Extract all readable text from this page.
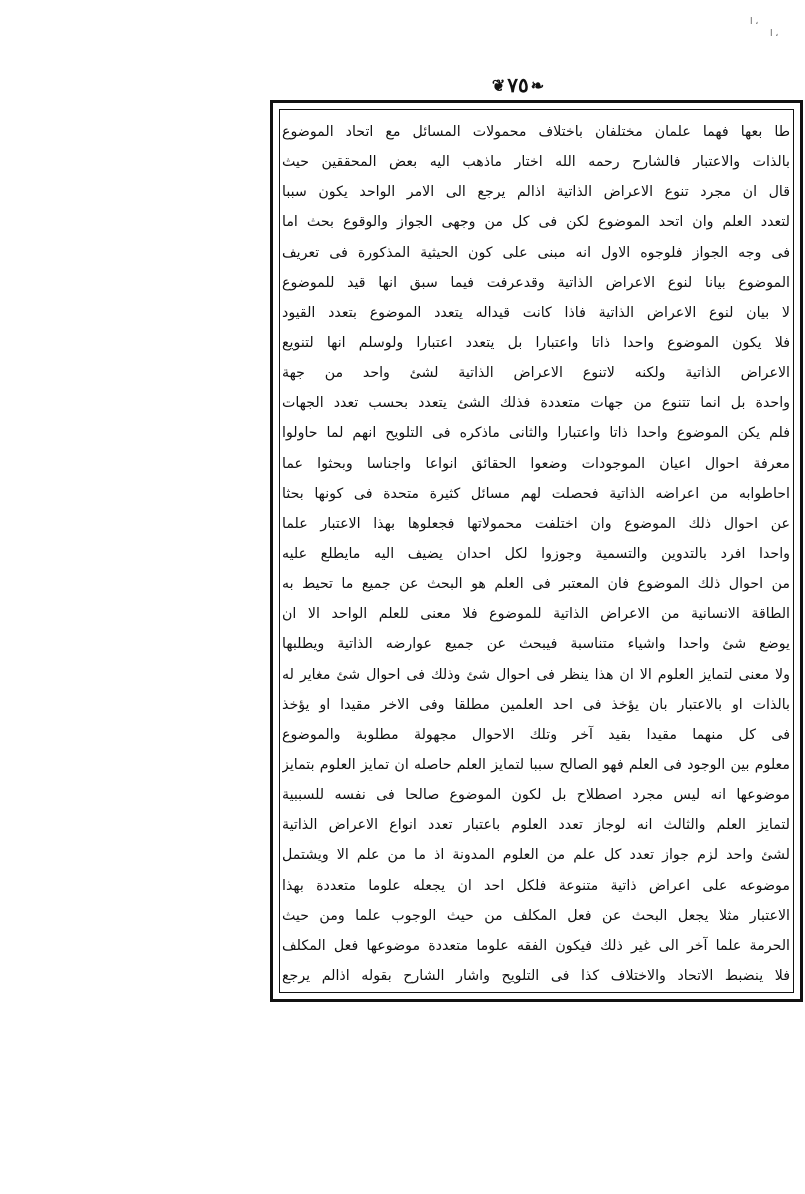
❦ ٧٥ ❧
ا ،
ا ،
طا بعها فهما علمان مختلفان باختلاف محمولات المسائل مع اتحاد الموضوع
بالذات والاعتبار فالشارح رحمه الله اختار ماذهب اليه بعض المحققين حيث
قال ان مجرد تنوع الاعراض الذاتية اذالم يرجع الى الامر الواحد يكون سببا
لتعدد العلم وان اتحد الموضوع لكن فى كل من وجهى الجواز والوقوع بحث اما
فى وجه الجواز فلوجوه الاول انه مبنى على كون الحيثية المذكورة فى تعريف
الموضوع بيانا لنوع الاعراض الذاتية وقدعرفت فيما سبق انها قيد للموضوع
لا بيان لنوع الاعراض الذاتية فاذا كانت قيداله يتعدد الموضوع بتعدد القيود
فلا يكون الموضوع واحدا ذاتا واعتبارا بل يتعدد اعتبارا ولوسلم انها لتنويع
الاعراض الذاتية ولكنه لاتنوع الاعراض الذاتية لشئ واحد من جهة
واحدة بل انما تتنوع من جهات متعددة فذلك الشئ يتعدد بحسب تعدد الجهات
فلم يكن الموضوع واحدا ذاتا واعتبارا والثانى ماذكره فى التلويح انهم لما حاولوا
معرفة احوال اعيان الموجودات وضعوا الحقائق انواعا واجناسا وبحثوا عما
احاطوابه من اعراضه الذاتية فحصلت لهم مسائل كثيرة متحدة فى كونها بحثا
عن احوال ذلك الموضوع وان اختلفت محمولاتها فجعلوها بهذا الاعتبار علما
واحدا افرد بالتدوين والتسمية وجوزوا لكل احدان يضيف اليه مايطلع عليه
من احوال ذلك الموضوع فان المعتبر فى العلم هو البحث عن جميع ما تحيط به
الطاقة الانسانية من الاعراض الذاتية للموضوع فلا معنى للعلم الواحد الا ان
يوضع شئ واحدا واشياء متناسبة فيبحث عن جميع عوارضه الذاتية ويطلبها
ولا معنى لتمايز العلوم الا ان هذا ينظر فى احوال شئ وذلك فى احوال شئ مغاير له
بالذات او بالاعتبار بان يؤخذ فى احد العلمين مطلقا وفى الاخر مقيدا او يؤخذ
فى كل منهما مقيدا بقيد آخر وتلك الاحوال مجهولة مطلوبة والموضوع
معلوم بين الوجود فى العلم فهو الصالح سببا لتمايز العلم حاصله ان تمايز العلوم بتمايز
موضوعها انه ليس مجرد اصطلاح بل لكون الموضوع صالحا فى نفسه للسببية
لتمايز العلم والثالث انه لوجاز تعدد العلوم باعتبار تعدد انواع الاعراض الذاتية
لشئ واحد لزم جواز تعدد كل علم من العلوم المدونة اذ ما من علم الا ويشتمل
موضوعه على اعراض ذاتية متنوعة فلكل احد ان يجعله علوما متعددة بهذا
الاعتبار مثلا يجعل البحث عن فعل المكلف من حيث الوجوب علما ومن حيث
الحرمة علما آخر الى غير ذلك فيكون الفقه علوما متعددة موضوعها فعل المكلف
فلا ينضبط الاتحاد والاختلاف كذا فى التلويح واشار الشارح بقوله اذالم يرجع
